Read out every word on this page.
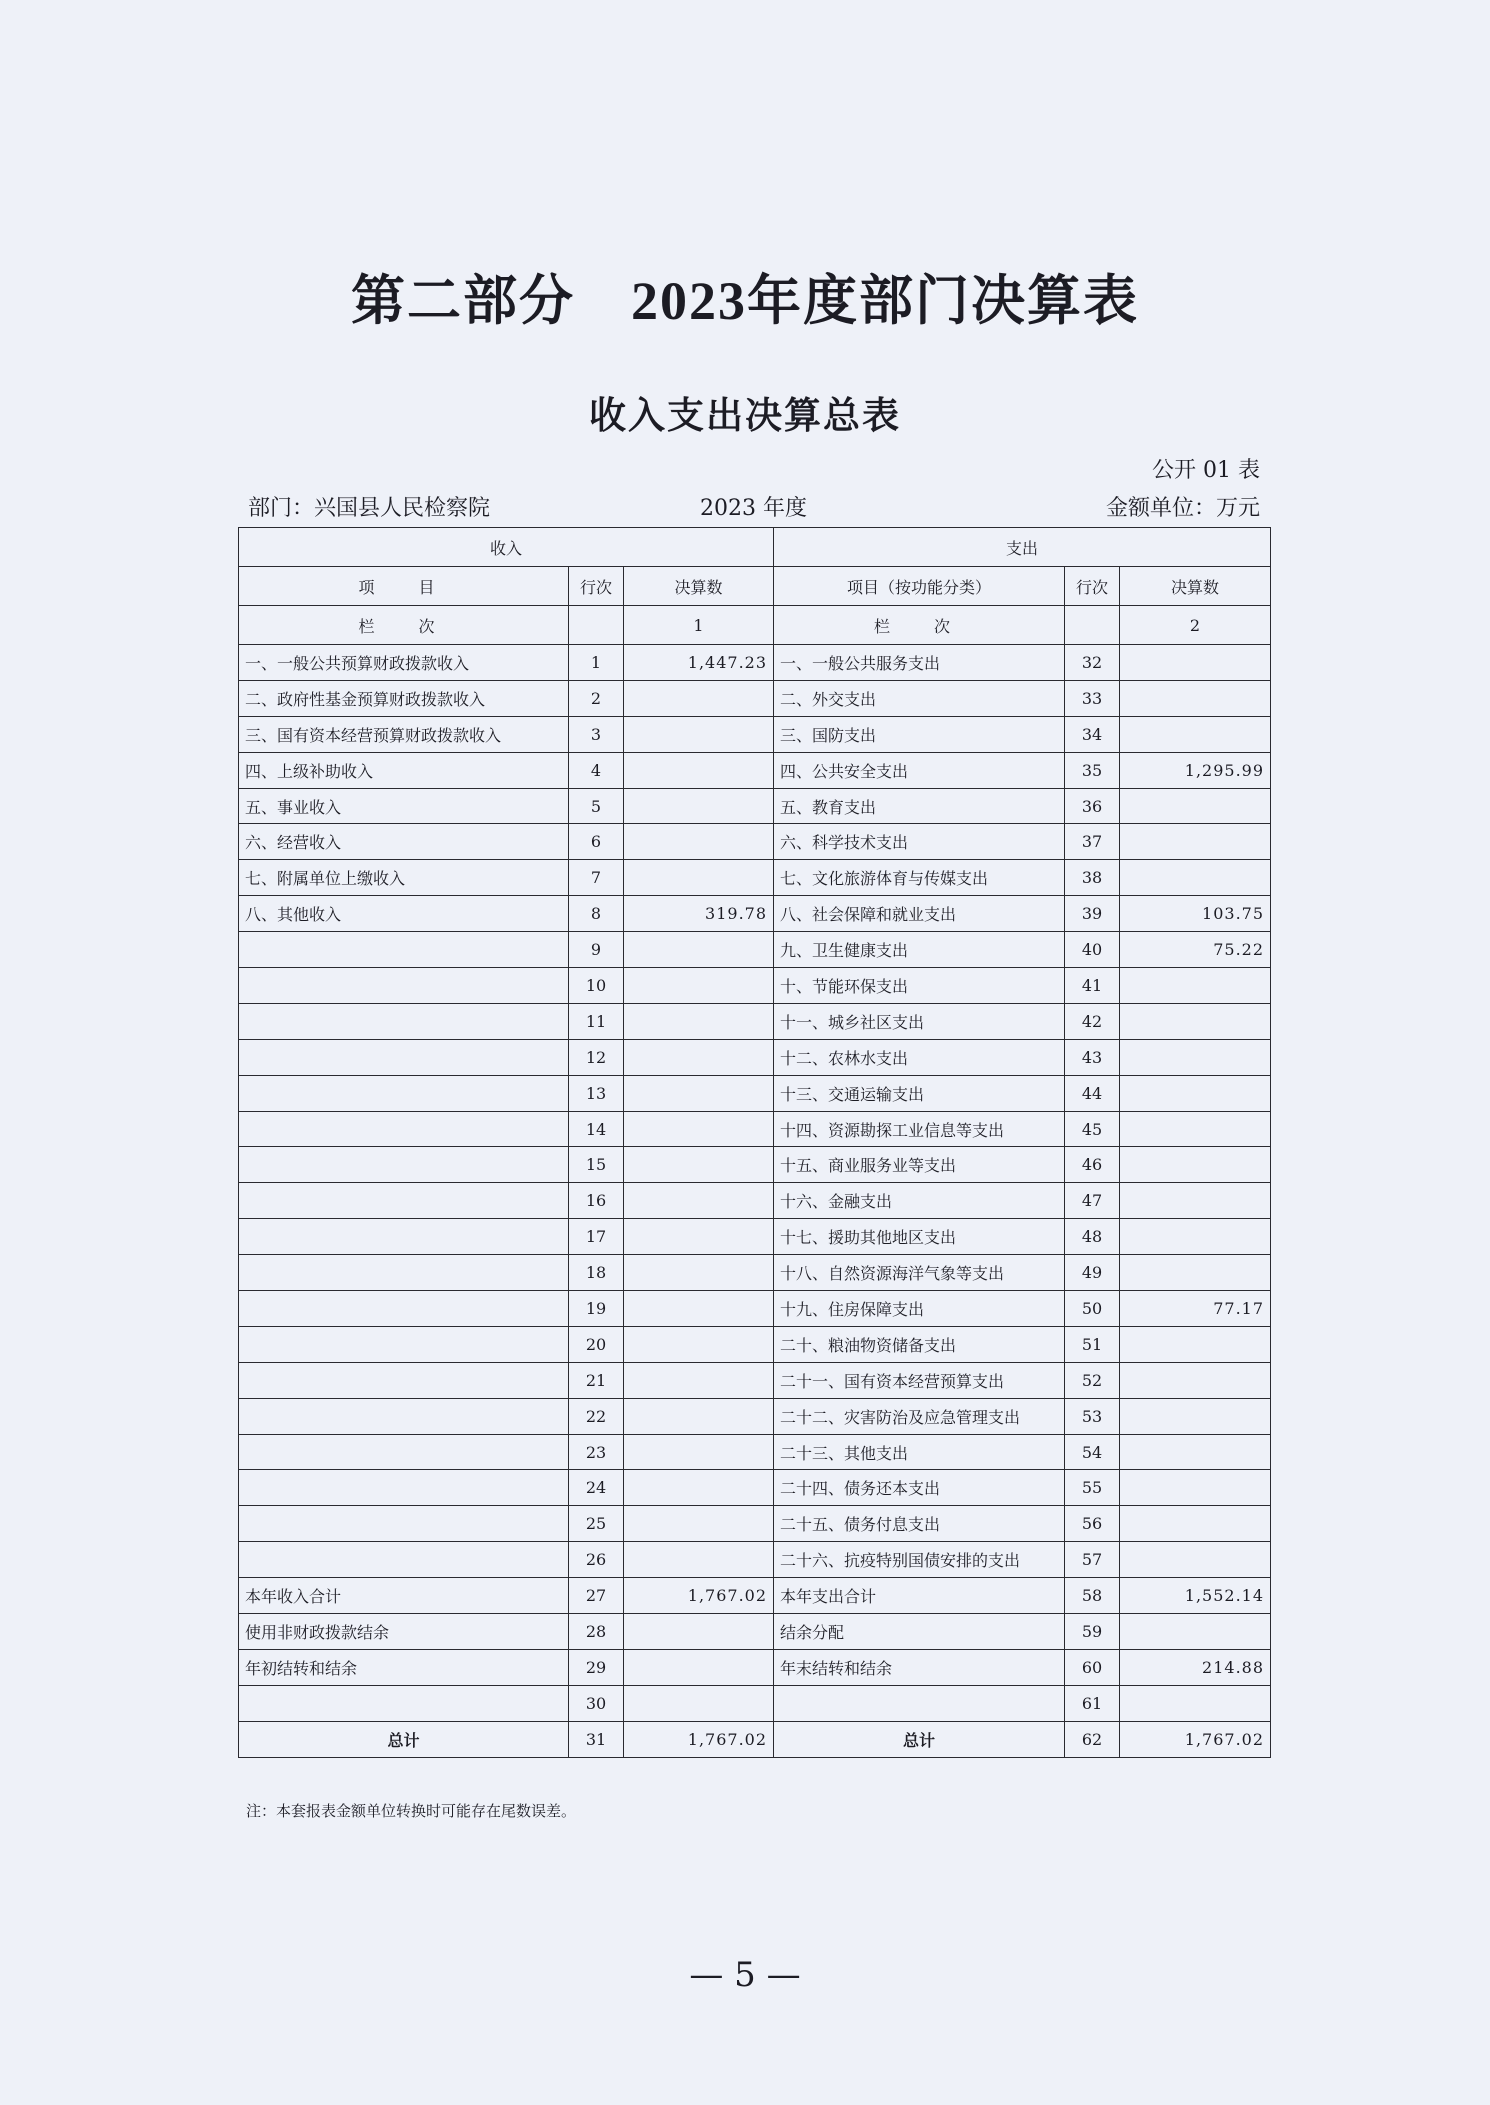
第二部分　 2023年度部门决算表
收入支出决算总表
公开 01 表
部门：兴国县人民检察院	2023 年度	金额单位：万元
收入			支出		
项　目	行次	决算数	项目（按功能分类）	行次	决算数
栏　次		1	栏　次		2
一、一般公共预算财政拨款收入	1	1,447.23	一、一般公共服务支出	32	
二、政府性基金预算财政拨款收入	2		二、外交支出	33	
三、国有资本经营预算财政拨款收入	3		三、国防支出	34	
四、上级补助收入	4		四、公共安全支出	35	1,295.99
五、事业收入	5		五、教育支出	36	
六、经营收入	6		六、科学技术支出	37	
七、附属单位上缴收入	7		七、文化旅游体育与传媒支出	38	
八、其他收入	8	319.78	八、社会保障和就业支出	39	103.75
	9		九、卫生健康支出	40	75.22
	10		十、节能环保支出	41	
	11		十一、城乡社区支出	42	
	12		十二、农林水支出	43	
	13		十三、交通运输支出	44	
	14		十四、资源勘探工业信息等支出	45	
	15		十五、商业服务业等支出	46	
	16		十六、金融支出	47	
	17		十七、援助其他地区支出	48	
	18		十八、自然资源海洋气象等支出	49	
	19		十九、住房保障支出	50	77.17
	20		二十、粮油物资储备支出	51	
	21		二十一、国有资本经营预算支出	52	
	22		二十二、灾害防治及应急管理支出	53	
	23		二十三、其他支出	54	
	24		二十四、债务还本支出	55	
	25		二十五、债务付息支出	56	
	26		二十六、抗疫特别国债安排的支出	57	
本年收入合计	27	1,767.02	本年支出合计	58	1,552.14
使用非财政拨款结余	28		结余分配	59	
年初结转和结余	29		年末结转和结余	60	214.88
	30			61	
总计	31	1,767.02	总计	62	1,767.02
注：本套报表金额单位转换时可能存在尾数误差。
— 5 —
